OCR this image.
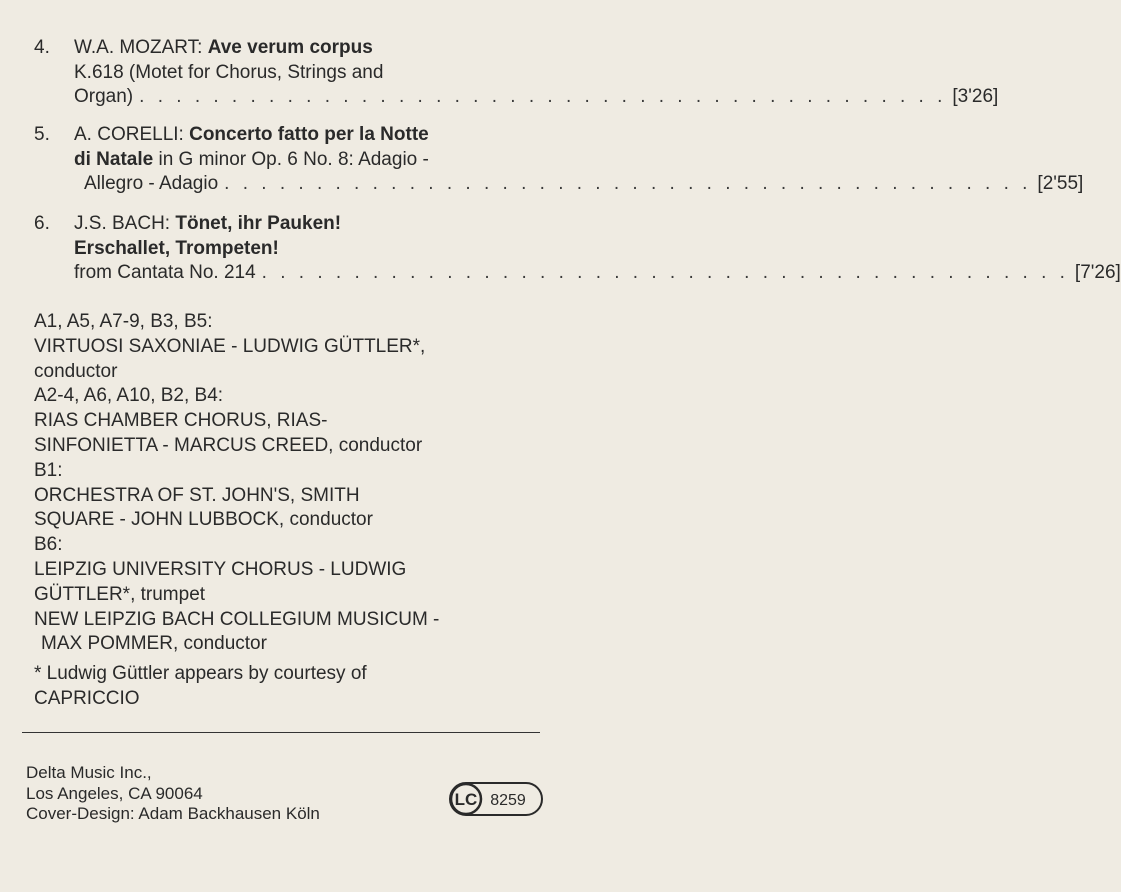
4. W.A. MOZART: Ave verum corpus
K.618 (Motet for Chorus, Strings and
Organ) . . . . . . . . . . . . . . . . . . . . . . . . . . . . . . . . . . . . . . . . . . . . [3'26]
5. A. CORELLI: Concerto fatto per la Notte
di Natale in G minor Op. 6 No. 8: Adagio -
Allegro - Adagio . . . . . . . . . . . . . . . . . . . . . . . . . . . . . . . . . . . . . . . . . . . . [2'55]
6. J.S. BACH: Tönet, ihr Pauken!
Erschallet, Trompeten!
from Cantata No. 214 . . . . . . . . . . . . . . . . . . . . . . . . . . . . . . . . . . . . . . . . . . . . [7'26]
A1, A5, A7-9, B3, B5:
VIRTUOSI SAXONIAE - LUDWIG GÜTTLER*,
conductor
A2-4, A6, A10, B2, B4:
RIAS CHAMBER CHORUS, RIAS-
SINFONIETTA - MARCUS CREED, conductor
B1:
ORCHESTRA OF ST. JOHN'S, SMITH
SQUARE - JOHN LUBBOCK, conductor
B6:
LEIPZIG UNIVERSITY CHORUS - LUDWIG
GÜTTLER*, trumpet
NEW LEIPZIG BACH COLLEGIUM MUSICUM -
MAX POMMER, conductor
* Ludwig Güttler appears by courtesy of
CAPRICCIO
Delta Music Inc.,
Los Angeles, CA 90064
Cover-Design: Adam Backhausen Köln
LC 8259
